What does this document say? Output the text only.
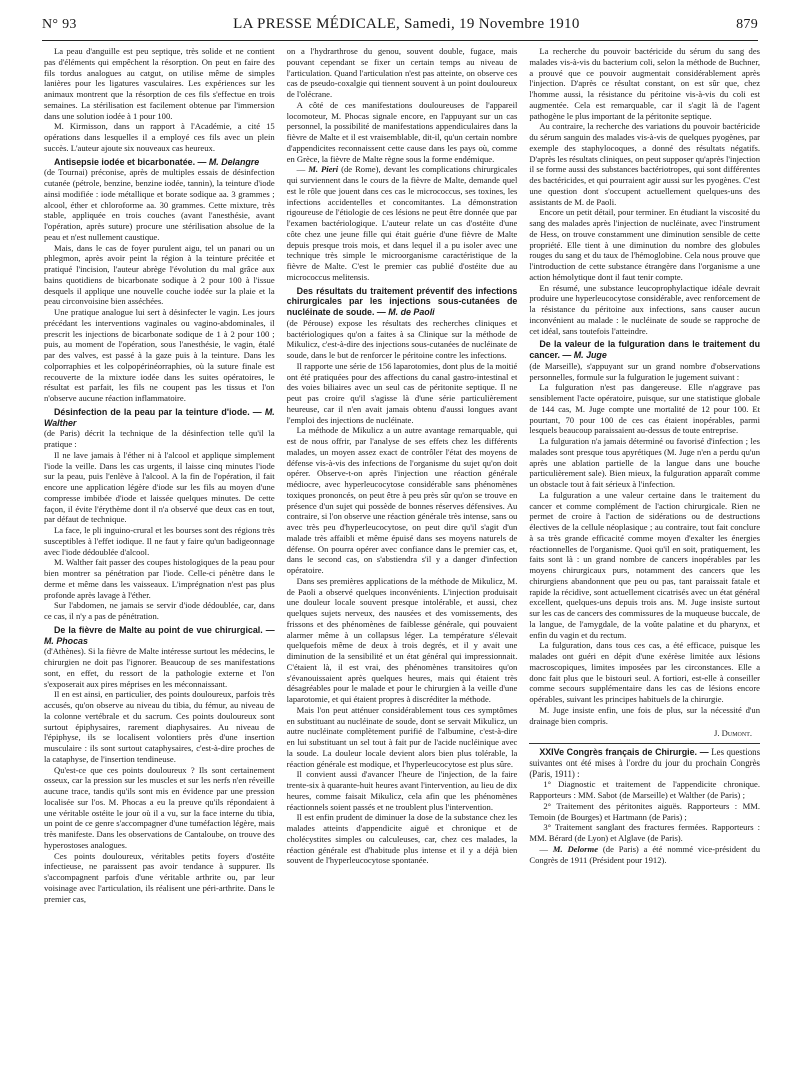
N° 93	LA PRESSE MÉDICALE, Samedi, 19 Novembre 1910	879

La peau d'anguille est peu septique, très solide et ne contient pas d'éléments qui empêchent la résorption. On peut en faire des fils tordus analogues au catgut, on utilise même de simples lanières pour les ligatures vasculaires. Les expériences sur les animaux montrent que la résorption de ces fils s'effectue en trois semaines. La stérilisation est facilement obtenue par l'immersion dans une solution iodée à 1 pour 100.

M. Kirmisson, dans un rapport à l'Académie, a cité 15 opérations dans lesquelles il a employé ces fils avec un plein succès. L'auteur ajoute six nouveaux cas heureux.

Antisepsie iodée et bicarbonatée. — M. Delangre

(de Tournai) préconise, après de multiples essais de désinfection cutanée (pétrole, benzine, benzine iodée, tannin), la teinture d'iode ainsi modifiée : iode métallique et borate sodique aa. 3 grammes ; alcool, éther et chloroforme aa. 30 grammes. Cette mixture, très stable, appliquée en trois couches (avant l'anesthésie, avant l'opération, après suture) procure une stérilisation absolue de la peau et n'est nullement caustique.

Mais, dans le cas de foyer purulent aigu, tel un panari ou un phlegmon, après avoir peint la région à la teinture précitée et pratiqué l'incision, l'auteur abrège l'évolution du mal grâce aux bains quotidiens de bicarbonate sodique à 2 pour 100 à l'issue desquels il applique une nouvelle couche iodée sur la plaie et la peau circonvoisine bien asséchées.

Une pratique analogue lui sert à désinfecter le vagin. Les jours précédant les interventions vaginales ou vagino-abdominales, il prescrit les injections de bicarbonate sodique de 1 à 2 pour 100 ; puis, au moment de l'opération, sous l'anesthésie, le vagin, étalé par des valves, est passé à la gaze puis à la teinture. Dans les colporraphies et les colpopérinéorraphies, où la suture finale est recouverte de la mixture iodée dans les suites opératoires, le résultat est parfait, les fils ne coupent pas les tissus et l'on n'observe aucune réaction inflammatoire.

Désinfection de la peau par la teinture d'iode. — M. Walther

(de Paris) décrit la technique de la désinfection telle qu'il la pratique :

Il ne lave jamais à l'éther ni à l'alcool et applique simplement l'iode la veille. Dans les cas urgents, il laisse cinq minutes l'iode sur la peau, puis l'enlève à l'alcool. A la fin de l'opération, il fait encore une application légère d'iode sur les fils au moyen d'une compresse imbibée d'iode et laissée quelques minutes. De cette façon, il évite l'érythème dont il n'a observé que deux cas en tout, par défaut de technique.

La face, le pli inguino-crural et les bourses sont des régions très susceptibles à l'effet iodique. Il ne faut y faire qu'un badigeonnage avec l'iode dédoublée d'alcool.

M. Walther fait passer des coupes histologiques de la peau pour bien montrer sa pénétration par l'iode. Celle-ci pénètre dans le derme et même dans les vaisseaux. L'imprégnation n'est pas plus profonde après lavage à l'éther.

Sur l'abdomen, ne jamais se servir d'iode dédoublée, car, dans ce cas, il n'y a pas de pénétration.

De la fièvre de Malte au point de vue chirurgical. — M. Phocas

(d'Athènes). Si la fièvre de Malte intéresse surtout les médecins, le chirurgien ne doit pas l'ignorer. Beaucoup de ses manifestations sont, en effet, du ressort de la pathologie externe et l'on s'exposerait aux pires méprises en les méconnaissant.

Il en est ainsi, en particulier, des points douloureux, parfois très accusés, qu'on observe au niveau du tibia, du fémur, au niveau de la colonne vertébrale et du sacrum. Ces points douloureux sont surtout épiphysaires, rarement diaphysaires. Au niveau de l'épiphyse, ils se localisent volontiers près d'une insertion musculaire : ils sont surtout cataphysaires, c'est-à-dire proches de la cataphyse, de l'insertion tendineuse.

Qu'est-ce que ces points douloureux ? Ils sont certainement osseux, car la pression sur les muscles et sur les nerfs n'en réveille aucune trace, tandis qu'ils sont mis en évidence par une pression localisée sur l'os. M. Phocas a eu la preuve qu'ils répondaient à une véritable ostéite le jour où il a vu, sur la face interne du tibia, un point de ce genre s'accompagner d'une tuméfaction légère, mais très manifeste. Dans les observations de Cantaloube, on trouve des hyperostoses analogues.

Ces points douloureux, véritables petits foyers d'ostéite infectieuse, ne paraissent pas avoir tendance à suppurer. Ils s'accompagnent parfois d'une véritable arthrite ou, par leur voisinage avec l'articulation, ils réalisent une péri-arthrite. Dans le premier cas,

on a l'hydrarthrose du genou, souvent double, fugace, mais pouvant cependant se fixer un certain temps au niveau de l'articulation. Quand l'articulation n'est pas atteinte, on observe ces cas de pseudo-coxalgie qui tiennent souvent à un point douloureux de l'olécrane.

A côté de ces manifestations douloureuses de l'appareil locomoteur, M. Phocas signale encore, en l'appuyant sur un cas personnel, la possibilité de manifestations appendiculaires dans la fièvre de Malte et il est vraisemblable, dit-il, qu'un certain nombre d'appendicites reconnaissent cette cause dans les pays où, comme en Grèce, la fièvre de Malte règne sous la forme endémique.

— M. Pieri (de Rome), devant les complications chirurgicales qui surviennent dans le cours de la fièvre de Malte, demande quel est le rôle que jouent dans ces cas le micrococcus, ses toxines, les infections accidentelles et concomitantes. La démonstration rigoureuse de l'étiologie de ces lésions ne peut être donnée que par l'examen bactériologique. L'auteur relate un cas d'ostéite d'une côte chez une jeune fille qui était guérie d'une fièvre de Malte depuis presque trois mois, et dans lequel il a pu isoler avec une technique très simple le microorganisme caractéristique de la fièvre de Malte. C'est le premier cas publié d'ostéite due au micrococcus melitensis.

Des résultats du traitement préventif des infections chirurgicales par les injections sous-cutanées de nucléinate de soude. — M. de Paoli

(de Pérouse) expose les résultats des recherches cliniques et bactériologiques qu'on a faites à sa Clinique sur la méthode de Mikulicz, c'est-à-dire des injections sous-cutanées de nucléinate de soude, dans le but de renforcer le péritoine contre les infections.

Il rapporte une série de 156 laparotomies, dont plus de la moitié ont été pratiquées pour des affections du canal gastro-intestinal et des voies biliaires avec un seul cas de péritonite septique. Il ne peut pas croire qu'il s'agisse là d'une série particulièrement heureuse, car il n'en avait jamais obtenu d'aussi longues avant l'emploi des injections de nucléinate.

La méthode de Mikulicz a un autre avantage remarquable, qui est de nous offrir, par l'analyse de ses effets chez les différents malades, un moyen assez exact de contrôler l'état des moyens de défense vis-à-vis des infections de l'organisme du sujet qu'on doit opérer. Observe-t-on après l'injection une réaction générale médiocre, avec hyperleucocytose considérable sans phénomènes toxiques prononcés, on peut être à peu près sûr qu'on se trouve en présence d'un sujet qui possède de bonnes réserves défensives. Au contraire, si l'on observe une réaction générale très intense, sans ou avec très peu d'hyperleucocytose, on peut dire qu'il s'agit d'un malade très affaibli et même épuisé dans ses moyens naturels de défense. On pourra opérer avec confiance dans le premier cas, et, dans le second cas, on s'abstiendra s'il y a danger d'infection opératoire.

Dans ses premières applications de la méthode de Mikulicz, M. de Paoli a observé quelques inconvénients. L'injection produisait une douleur locale souvent presque intolérable, et aussi, chez quelques sujets nerveux, des nausées et des vomissements, des frissons et des phénomènes de faiblesse générale, qui pouvaient alarmer même à un collapsus léger. La température s'élevait quelquefois même de deux à trois degrés, et il y avait une diminution de la sensibilité et un état général qui impressionnait. C'étaient là, il est vrai, des phénomènes transitoires qu'on s'évanouissaient après quelques heures, mais qui étaient très désagréables pour le malade et pour le chirurgien à la veille d'une laparotomie, et qui étaient propres à discréditer la méthode.

Mais l'on peut atténuer considérablement tous ces symptômes en substituant au nucléinate de soude, dont se servait Mikulicz, un autre nucléinate complètement purifié de l'albumine, c'est-à-dire en lui substituant un sel tout à fait pur de l'acide nucléinique avec la soude. La douleur locale devient alors bien plus tolérable, la réaction générale est modique, et l'hyperleucocytose est plus sûre.

Il convient aussi d'avancer l'heure de l'injection, de la faire trente-six à quarante-huit heures avant l'intervention, au lieu de dix heures, comme faisait Mikulicz, cela afin que les phénomènes réactionnels soient passés et ne troublent plus l'intervention.

Il est enfin prudent de diminuer la dose de la substance chez les malades atteints d'appendicite aiguë et chronique et de cholécystites simples ou calculeuses, car, chez ces malades, la réaction générale est d'habitude plus intense et il y a déjà bien souvent de l'hyperleucocytose spontanée.

La recherche du pouvoir bactéricide du sérum du sang des malades vis-à-vis du bacterium coli, selon la méthode de Buchner, a prouvé que ce pouvoir augmentait considérablement après l'injection. D'après ce résultat constant, on est sûr que, chez l'homme aussi, la résistance du péritoine vis-à-vis du coli est augmentée. Cela est remarquable, car il s'agit là de l'agent pathogène le plus important de la péritonite septique.

Au contraire, la recherche des variations du pouvoir bactéricide du sérum sanguin des malades vis-à-vis de quelques pyogènes, par exemple des staphylocoques, a donné des résultats négatifs. D'après les résultats cliniques, on peut supposer qu'après l'injection il se forme aussi des substances bactériotropes, qui sont différentes des bactéricides, et qui pourraient agir aussi sur les pyogènes. C'est une question dont s'occupent actuellement quelques-uns des assistants de M. de Paoli.

Encore un petit détail, pour terminer. En étudiant la viscosité du sang des malades après l'injection de nucléinate, avec l'instrument de Hess, on trouve constamment une diminution sensible de cette propriété. Elle tient à une diminution du nombre des globules rouges du sang et du taux de l'hémoglobine. Cela nous prouve que l'introduction de cette substance étrangère dans l'organisme a une action hémolytique dont il faut tenir compte.

En résumé, une substance leucoprophylactique idéale devrait produire une hyperleucocytose considérable, avec renforcement de la résistance du péritoine aux infections, sans causer aucun inconvénient au malade : le nucléinate de soude se rapproche de cet idéal, sans toutefois l'atteindre.

De la valeur de la fulguration dans le traitement du cancer. — M. Juge

(de Marseille), s'appuyant sur un grand nombre d'observations personnelles, formule sur la fulguration le jugement suivant :

La fulguration n'est pas dangereuse. Elle n'aggrave pas sensiblement l'acte opératoire, puisque, sur une statistique globale de 144 cas, M. Juge compte une mortalité de 12 pour 100. Et pourtant, 70 pour 100 de ces cas étaient inopérables, parmi lesquels beaucoup paraissaient au-dessus de toute entreprise.

La fulguration n'a jamais déterminé ou favorisé d'infection ; les malades sont presque tous apyrétiques (M. Juge n'en a perdu qu'un après une ablation partielle de la langue dans une bouche particulièrement sale). Bien mieux, la fulguration apparaît comme un obstacle tout à fait sérieux à l'infection.

La fulguration a une valeur certaine dans le traitement du cancer et comme complément de l'action chirurgicale. Rien ne permet de croire à l'action de sidérations ou de destructions électives de la cellule néoplasique ; au contraire, tout fait conclure à sa très grande efficacité comme moyen d'exalter les énergies réactionnelles de l'organisme. Quoi qu'il en soit, pratiquement, les faits sont là : un grand nombre de cancers inopérables par les moyens chirurgicaux purs, notamment des cancers que les chirurgiens abandonnent que peu ou pas, tant paraissait fatale et rapide la récidive, sont actuellement cicatrisés avec un état général excellent, quelques-uns depuis trois ans. M. Juge insiste surtout sur les cas de cancers des commissures de la muqueuse buccale, de la langue, de l'amygdale, de la voûte palatine et du pharynx, et enfin du vagin et du rectum.

La fulguration, dans tous ces cas, a été efficace, puisque les malades ont guéri en dépit d'une exérèse limitée aux lésions macroscopiques, limites imposées par les circonstances. Elle a donc fait plus que le bistouri seul. A fortiori, est-elle à conseiller comme secours supplémentaire dans les cas de lésions encore opérables, suivant les principes habituels de la chirurgie.

M. Juge insiste enfin, une fois de plus, sur la nécessité d'un drainage bien compris.

J. Dumont.
XXIVe Congrès français de Chirurgie. — Les questions suivantes ont été mises à l'ordre du jour du prochain Congrès (Paris, 1911) :

1° Diagnostic et traitement de l'appendicite chronique. Rapporteurs : MM. Sabot (de Marseille) et Walther (de Paris) ;

2° Traitement des péritonites aiguës. Rapporteurs : MM. Temoin (de Bourges) et Hartmann (de Paris) ;

3° Traitement sanglant des fractures fermées. Rapporteurs : MM. Bérard (de Lyon) et Alglave (de Paris).

— M. Delorme (de Paris) a été nommé vice-président du Congrès de 1911 (Président pour 1912).
